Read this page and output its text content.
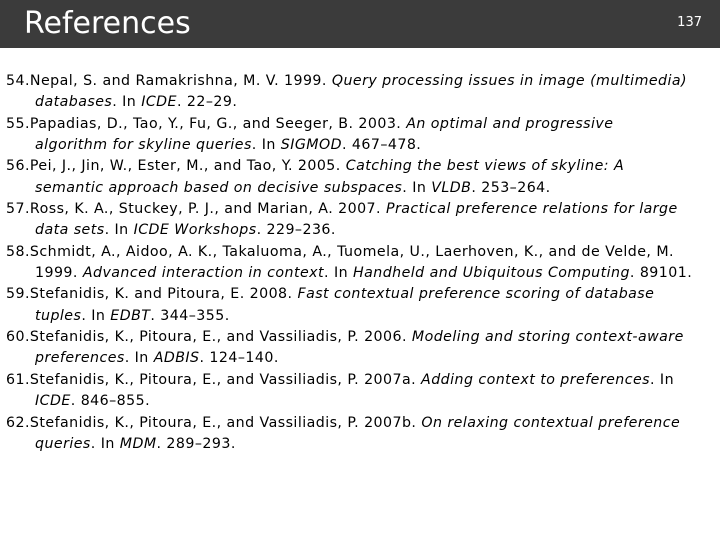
References	137
54.Nepal, S. and Ramakrishna, M. V. 1999. Query processing issues in image (multimedia)
databases. In ICDE. 22–29.
55.Papadias, D., Tao, Y., Fu, G., and Seeger, B. 2003. An optimal and progressive
algorithm for skyline queries. In SIGMOD. 467–478.
56.Pei, J., Jin, W., Ester, M., and Tao, Y. 2005. Catching the best views of skyline: A
semantic approach based on decisive subspaces. In VLDB. 253–264.
57.Ross, K. A., Stuckey, P. J., and Marian, A. 2007. Practical preference relations for large
data sets. In ICDE Workshops. 229–236.
58.Schmidt, A., Aidoo, A. K., Takaluoma, A., Tuomela, U., Laerhoven, K., and de Velde, M.
1999. Advanced interaction in context. In Handheld and Ubiquitous Computing. 89101.
59.Stefanidis, K. and Pitoura, E. 2008. Fast contextual preference scoring of database
tuples. In EDBT. 344–355.
60.Stefanidis, K., Pitoura, E., and Vassiliadis, P. 2006. Modeling and storing context-aware
preferences. In ADBIS. 124–140.
61.Stefanidis, K., Pitoura, E., and Vassiliadis, P. 2007a. Adding context to preferences. In
ICDE. 846–855.
62.Stefanidis, K., Pitoura, E., and Vassiliadis, P. 2007b. On relaxing contextual preference
queries. In MDM. 289–293.
